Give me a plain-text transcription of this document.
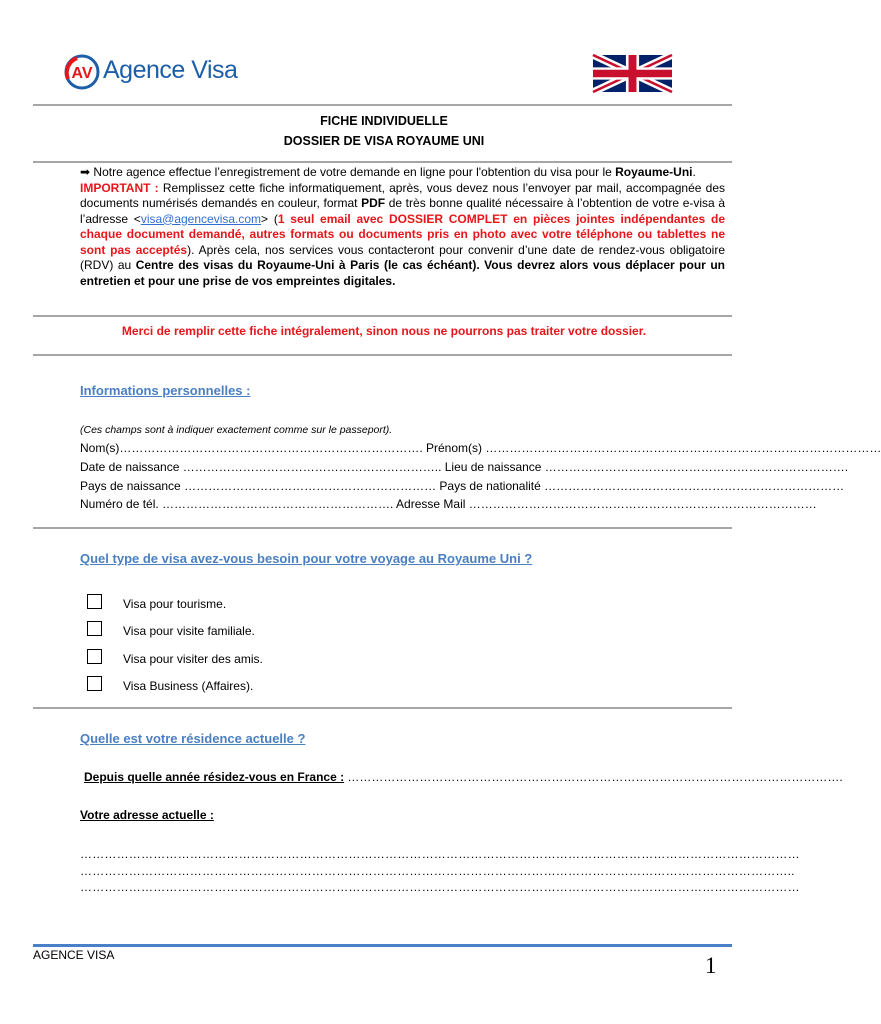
AV Agence Visa
FICHE INDIVIDUELLE
DOSSIER DE VISA ROYAUME UNI
➡ Notre agence effectue l’enregistrement de votre demande en ligne pour l'obtention du visa pour le Royaume-Uni.
IMPORTANT : Remplissez cette fiche informatiquement, après, vous devez nous l’envoyer par mail, accompagnée des documents numérisés demandés en couleur, format PDF de très bonne qualité nécessaire à l’obtention de votre e-visa à l’adresse <visa@agencevisa.com> (1 seul email avec DOSSIER COMPLET en pièces jointes indépendantes de chaque document demandé, autres formats ou documents pris en photo avec votre téléphone ou tablettes ne sont pas acceptés). Après cela, nos services vous contacteront pour convenir d’une date de rendez-vous obligatoire (RDV) au Centre des visas du Royaume-Uni à Paris (le cas échéant). Vous devrez alors vous déplacer pour un entretien et pour une prise de vos empreintes digitales.
Merci de remplir cette fiche intégralement, sinon nous ne pourrons pas traiter votre dossier.
Informations personnelles :
(Ces champs sont à indiquer exactement comme sur le passeport).
Nom(s)…………………………………………………………………. Prénom(s) ………………………………………………………………………………………
Date de naissance ……………………………………………………….. Lieu de naissance ………………………………………………………………….
Pays de naissance ……………………………………………………… Pays de nationalité …………………………………………………………………
Numéro de tél. …………………………………………………. Adresse Mail ……………………………………………………………………………
Quel type de visa avez-vous besoin pour votre voyage au Royaume Uni ?
Visa pour tourisme.
Visa pour visite familiale.
Visa pour visiter des amis.
Visa Business (Affaires).
Quelle est votre résidence actuelle ?
Depuis quelle année résidez-vous en France : …………………………………………………………………………………………………………….
Votre adresse actuelle :
……………………………………………………………………………………………………………………………………………………………
…………………………………………………………………………………………………………………………………………………………..
……………………………………………………………………………………………………………………………………………………………
AGENCE VISA	1
